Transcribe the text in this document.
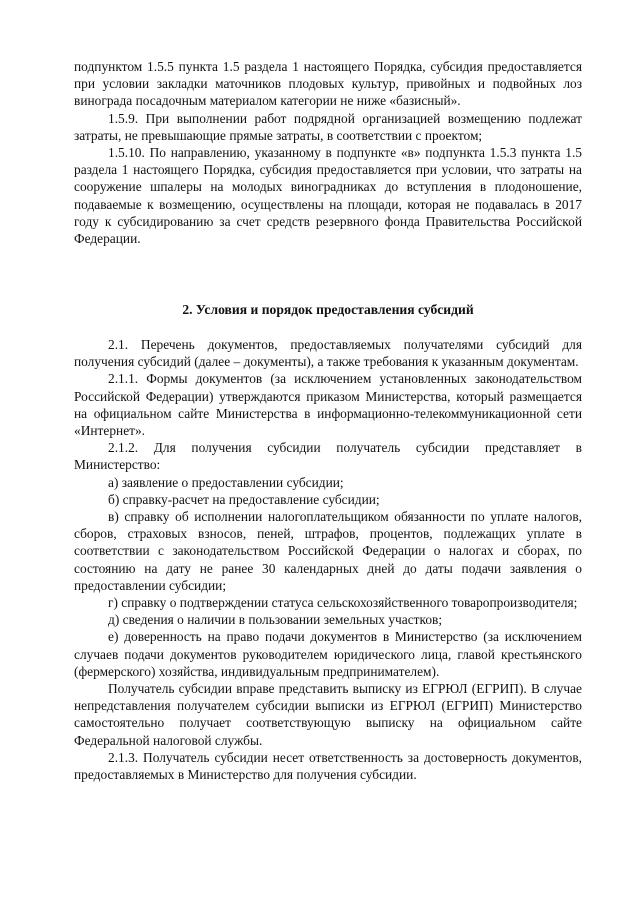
подпунктом 1.5.5 пункта 1.5 раздела 1 настоящего Порядка, субсидия предоставляется при условии закладки маточников плодовых культур, привойных и подвойных лоз винограда посадочным материалом категории не ниже «базисный».

1.5.9. При выполнении работ подрядной организацией возмещению подлежат затраты, не превышающие прямые затраты, в соответствии с проектом;

1.5.10. По направлению, указанному в подпункте «в» подпункта 1.5.3 пункта 1.5 раздела 1 настоящего Порядка, субсидия предоставляется при условии, что затраты на сооружение шпалеры на молодых виноградниках до вступления в плодоношение, подаваемые к возмещению, осуществлены на площади, которая не подавалась в 2017 году к субсидированию за счет средств резервного фонда Правительства Российской Федерации.

2. Условия и порядок предоставления субсидий

2.1. Перечень документов, предоставляемых получателями субсидий для получения субсидий (далее – документы), а также требования к указанным документам.

2.1.1. Формы документов (за исключением установленных законодательством Российской Федерации) утверждаются приказом Министерства, который размещается на официальном сайте Министерства в информационно-телекоммуникационной сети «Интернет».

2.1.2. Для получения субсидии получатель субсидии представляет в Министерство:

а) заявление о предоставлении субсидии;

б) справку-расчет на предоставление субсидии;

в) справку об исполнении налогоплательщиком обязанности по уплате налогов, сборов, страховых взносов, пеней, штрафов, процентов, подлежащих уплате в соответствии с законодательством Российской Федерации о налогах и сборах, по состоянию на дату не ранее 30 календарных дней до даты подачи заявления о предоставлении субсидии;

г) справку о подтверждении статуса сельскохозяйственного товаропроизводителя;

д) сведения о наличии в пользовании земельных участков;

е) доверенность на право подачи документов в Министерство (за исключением случаев подачи документов руководителем юридического лица, главой крестьянского (фермерского) хозяйства, индивидуальным предпринимателем).

Получатель субсидии вправе представить выписку из ЕГРЮЛ (ЕГРИП). В случае непредставления получателем субсидии выписки из ЕГРЮЛ (ЕГРИП) Министерство самостоятельно получает соответствующую выписку на официальном сайте Федеральной налоговой службы.

2.1.3. Получатель субсидии несет ответственность за достоверность документов, предоставляемых в Министерство для получения субсидии.
